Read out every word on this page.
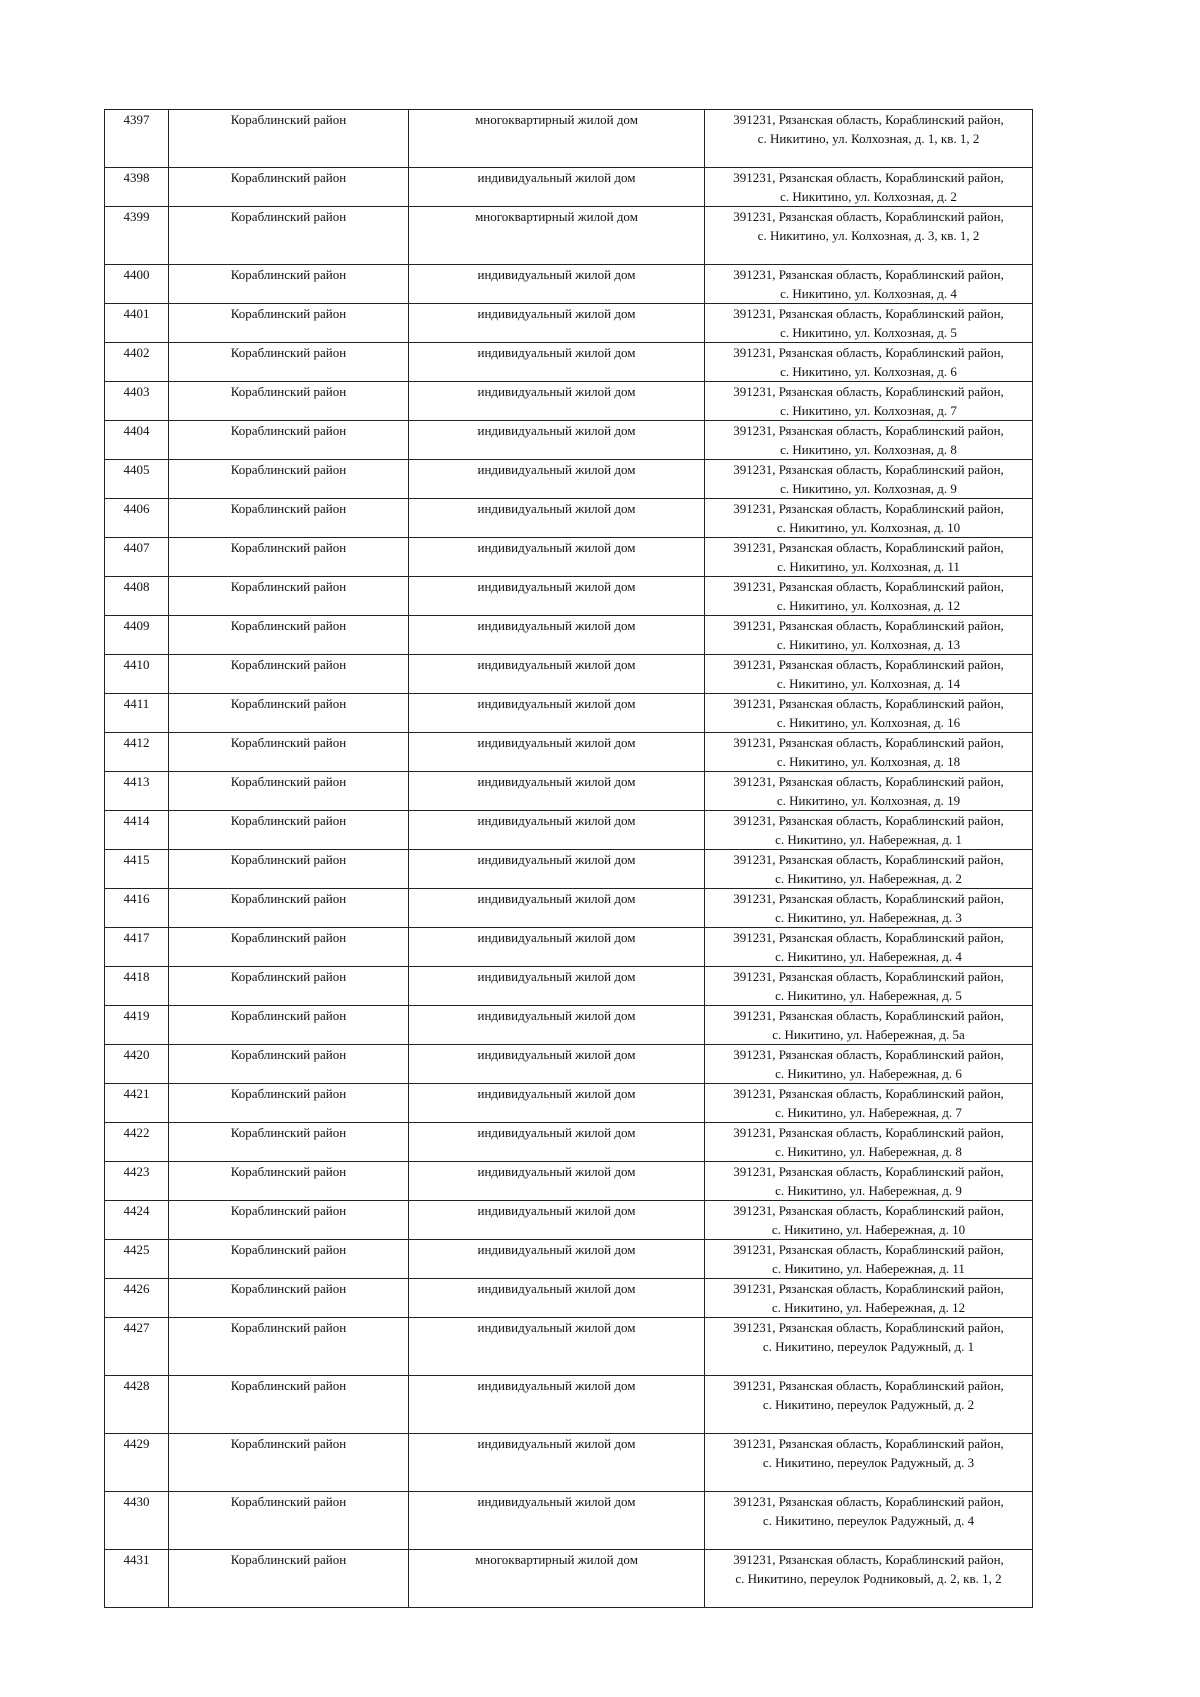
4397	Кораблинский район	многоквартирный жилой дом	391231, Рязанская область, Кораблинский район,
с. Никитино, ул. Колхозная, д. 1, кв. 1, 2

4398	Кораблинский район	индивидуальный жилой дом	391231, Рязанская область, Кораблинский район,
с. Никитино, ул. Колхозная, д. 2

4399	Кораблинский район	многоквартирный жилой дом	391231, Рязанская область, Кораблинский район,
с. Никитино, ул. Колхозная, д. 3, кв. 1, 2

4400	Кораблинский район	индивидуальный жилой дом	391231, Рязанская область, Кораблинский район,
с. Никитино, ул. Колхозная, д. 4

4401	Кораблинский район	индивидуальный жилой дом	391231, Рязанская область, Кораблинский район,
с. Никитино, ул. Колхозная, д. 5

4402	Кораблинский район	индивидуальный жилой дом	391231, Рязанская область, Кораблинский район,
с. Никитино, ул. Колхозная, д. 6

4403	Кораблинский район	индивидуальный жилой дом	391231, Рязанская область, Кораблинский район,
с. Никитино, ул. Колхозная, д. 7

4404	Кораблинский район	индивидуальный жилой дом	391231, Рязанская область, Кораблинский район,
с. Никитино, ул. Колхозная, д. 8

4405	Кораблинский район	индивидуальный жилой дом	391231, Рязанская область, Кораблинский район,
с. Никитино, ул. Колхозная, д. 9

4406	Кораблинский район	индивидуальный жилой дом	391231, Рязанская область, Кораблинский район,
с. Никитино, ул. Колхозная, д. 10

4407	Кораблинский район	индивидуальный жилой дом	391231, Рязанская область, Кораблинский район,
с. Никитино, ул. Колхозная, д. 11

4408	Кораблинский район	индивидуальный жилой дом	391231, Рязанская область, Кораблинский район,
с. Никитино, ул. Колхозная, д. 12

4409	Кораблинский район	индивидуальный жилой дом	391231, Рязанская область, Кораблинский район,
с. Никитино, ул. Колхозная, д. 13

4410	Кораблинский район	индивидуальный жилой дом	391231, Рязанская область, Кораблинский район,
с. Никитино, ул. Колхозная, д. 14

4411	Кораблинский район	индивидуальный жилой дом	391231, Рязанская область, Кораблинский район,
с. Никитино, ул. Колхозная, д. 16

4412	Кораблинский район	индивидуальный жилой дом	391231, Рязанская область, Кораблинский район,
с. Никитино, ул. Колхозная, д. 18

4413	Кораблинский район	индивидуальный жилой дом	391231, Рязанская область, Кораблинский район,
с. Никитино, ул. Колхозная, д. 19

4414	Кораблинский район	индивидуальный жилой дом	391231, Рязанская область, Кораблинский район,
с. Никитино, ул. Набережная, д. 1

4415	Кораблинский район	индивидуальный жилой дом	391231, Рязанская область, Кораблинский район,
с. Никитино, ул. Набережная, д. 2

4416	Кораблинский район	индивидуальный жилой дом	391231, Рязанская область, Кораблинский район,
с. Никитино, ул. Набережная, д. 3

4417	Кораблинский район	индивидуальный жилой дом	391231, Рязанская область, Кораблинский район,
с. Никитино, ул. Набережная, д. 4

4418	Кораблинский район	индивидуальный жилой дом	391231, Рязанская область, Кораблинский район,
с. Никитино, ул. Набережная, д. 5

4419	Кораблинский район	индивидуальный жилой дом	391231, Рязанская область, Кораблинский район,
с. Никитино, ул. Набережная, д. 5а

4420	Кораблинский район	индивидуальный жилой дом	391231, Рязанская область, Кораблинский район,
с. Никитино, ул. Набережная, д. 6

4421	Кораблинский район	индивидуальный жилой дом	391231, Рязанская область, Кораблинский район,
с. Никитино, ул. Набережная, д. 7

4422	Кораблинский район	индивидуальный жилой дом	391231, Рязанская область, Кораблинский район,
с. Никитино, ул. Набережная, д. 8

4423	Кораблинский район	индивидуальный жилой дом	391231, Рязанская область, Кораблинский район,
с. Никитино, ул. Набережная, д. 9

4424	Кораблинский район	индивидуальный жилой дом	391231, Рязанская область, Кораблинский район,
с. Никитино, ул. Набережная, д. 10

4425	Кораблинский район	индивидуальный жилой дом	391231, Рязанская область, Кораблинский район,
с. Никитино, ул. Набережная, д. 11

4426	Кораблинский район	индивидуальный жилой дом	391231, Рязанская область, Кораблинский район,
с. Никитино, ул. Набережная, д. 12

4427	Кораблинский район	индивидуальный жилой дом	391231, Рязанская область, Кораблинский район,
с. Никитино, переулок Радужный, д. 1

4428	Кораблинский район	индивидуальный жилой дом	391231, Рязанская область, Кораблинский район,
с. Никитино, переулок Радужный, д. 2

4429	Кораблинский район	индивидуальный жилой дом	391231, Рязанская область, Кораблинский район,
с. Никитино, переулок Радужный, д. 3

4430	Кораблинский район	индивидуальный жилой дом	391231, Рязанская область, Кораблинский район,
с. Никитино, переулок Радужный, д. 4

4431	Кораблинский район	многоквартирный жилой дом	391231, Рязанская область, Кораблинский район,
с. Никитино, переулок Родниковый, д. 2, кв. 1, 2
